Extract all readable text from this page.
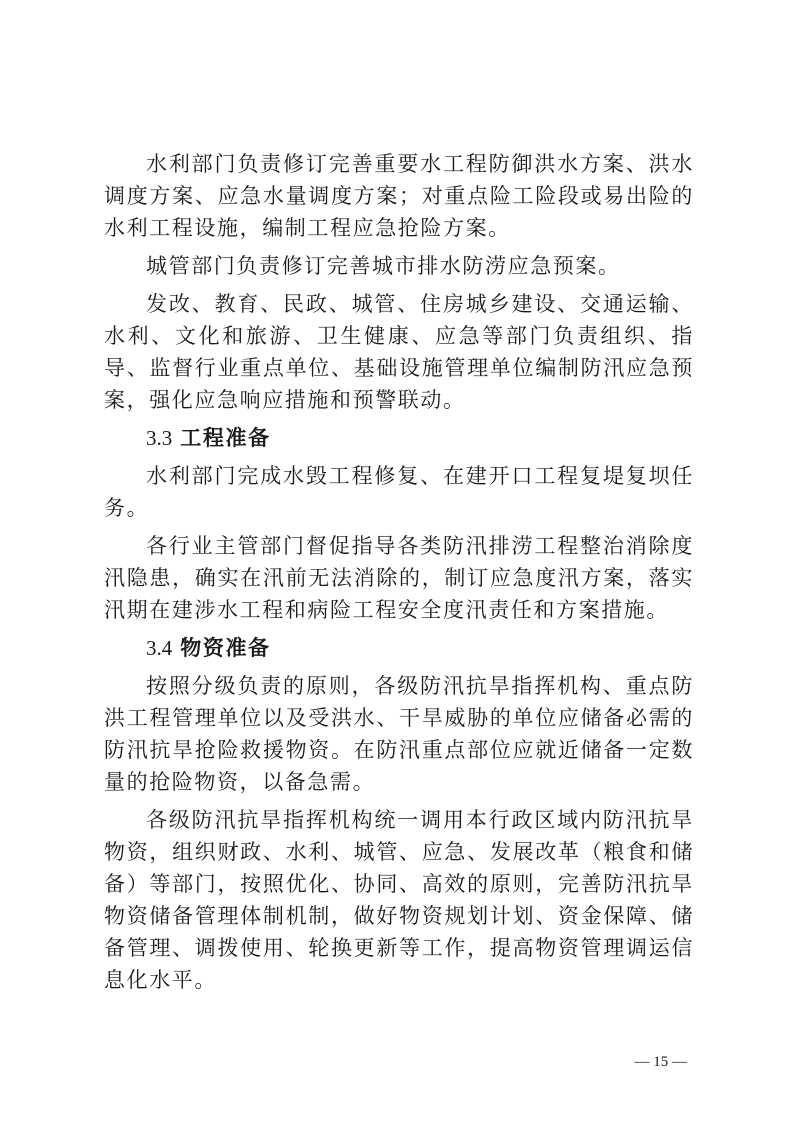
水利部门负责修订完善重要水工程防御洪水方案、洪水调度方案、应急水量调度方案；对重点险工险段或易出险的水利工程设施，编制工程应急抢险方案。

城管部门负责修订完善城市排水防涝应急预案。

发改、教育、民政、城管、住房城乡建设、交通运输、水利、文化和旅游、卫生健康、应急等部门负责组织、指导、监督行业重点单位、基础设施管理单位编制防汛应急预案，强化应急响应措施和预警联动。

3.3 工程准备

水利部门完成水毁工程修复、在建开口工程复堤复坝任务。

各行业主管部门督促指导各类防汛排涝工程整治消除度汛隐患，确实在汛前无法消除的，制订应急度汛方案，落实汛期在建涉水工程和病险工程安全度汛责任和方案措施。

3.4 物资准备

按照分级负责的原则，各级防汛抗旱指挥机构、重点防洪工程管理单位以及受洪水、干旱威胁的单位应储备必需的防汛抗旱抢险救援物资。在防汛重点部位应就近储备一定数量的抢险物资，以备急需。

各级防汛抗旱指挥机构统一调用本行政区域内防汛抗旱物资，组织财政、水利、城管、应急、发展改革（粮食和储备）等部门，按照优化、协同、高效的原则，完善防汛抗旱物资储备管理体制机制，做好物资规划计划、资金保障、储备管理、调拨使用、轮换更新等工作，提高物资管理调运信息化水平。

— 15 —
